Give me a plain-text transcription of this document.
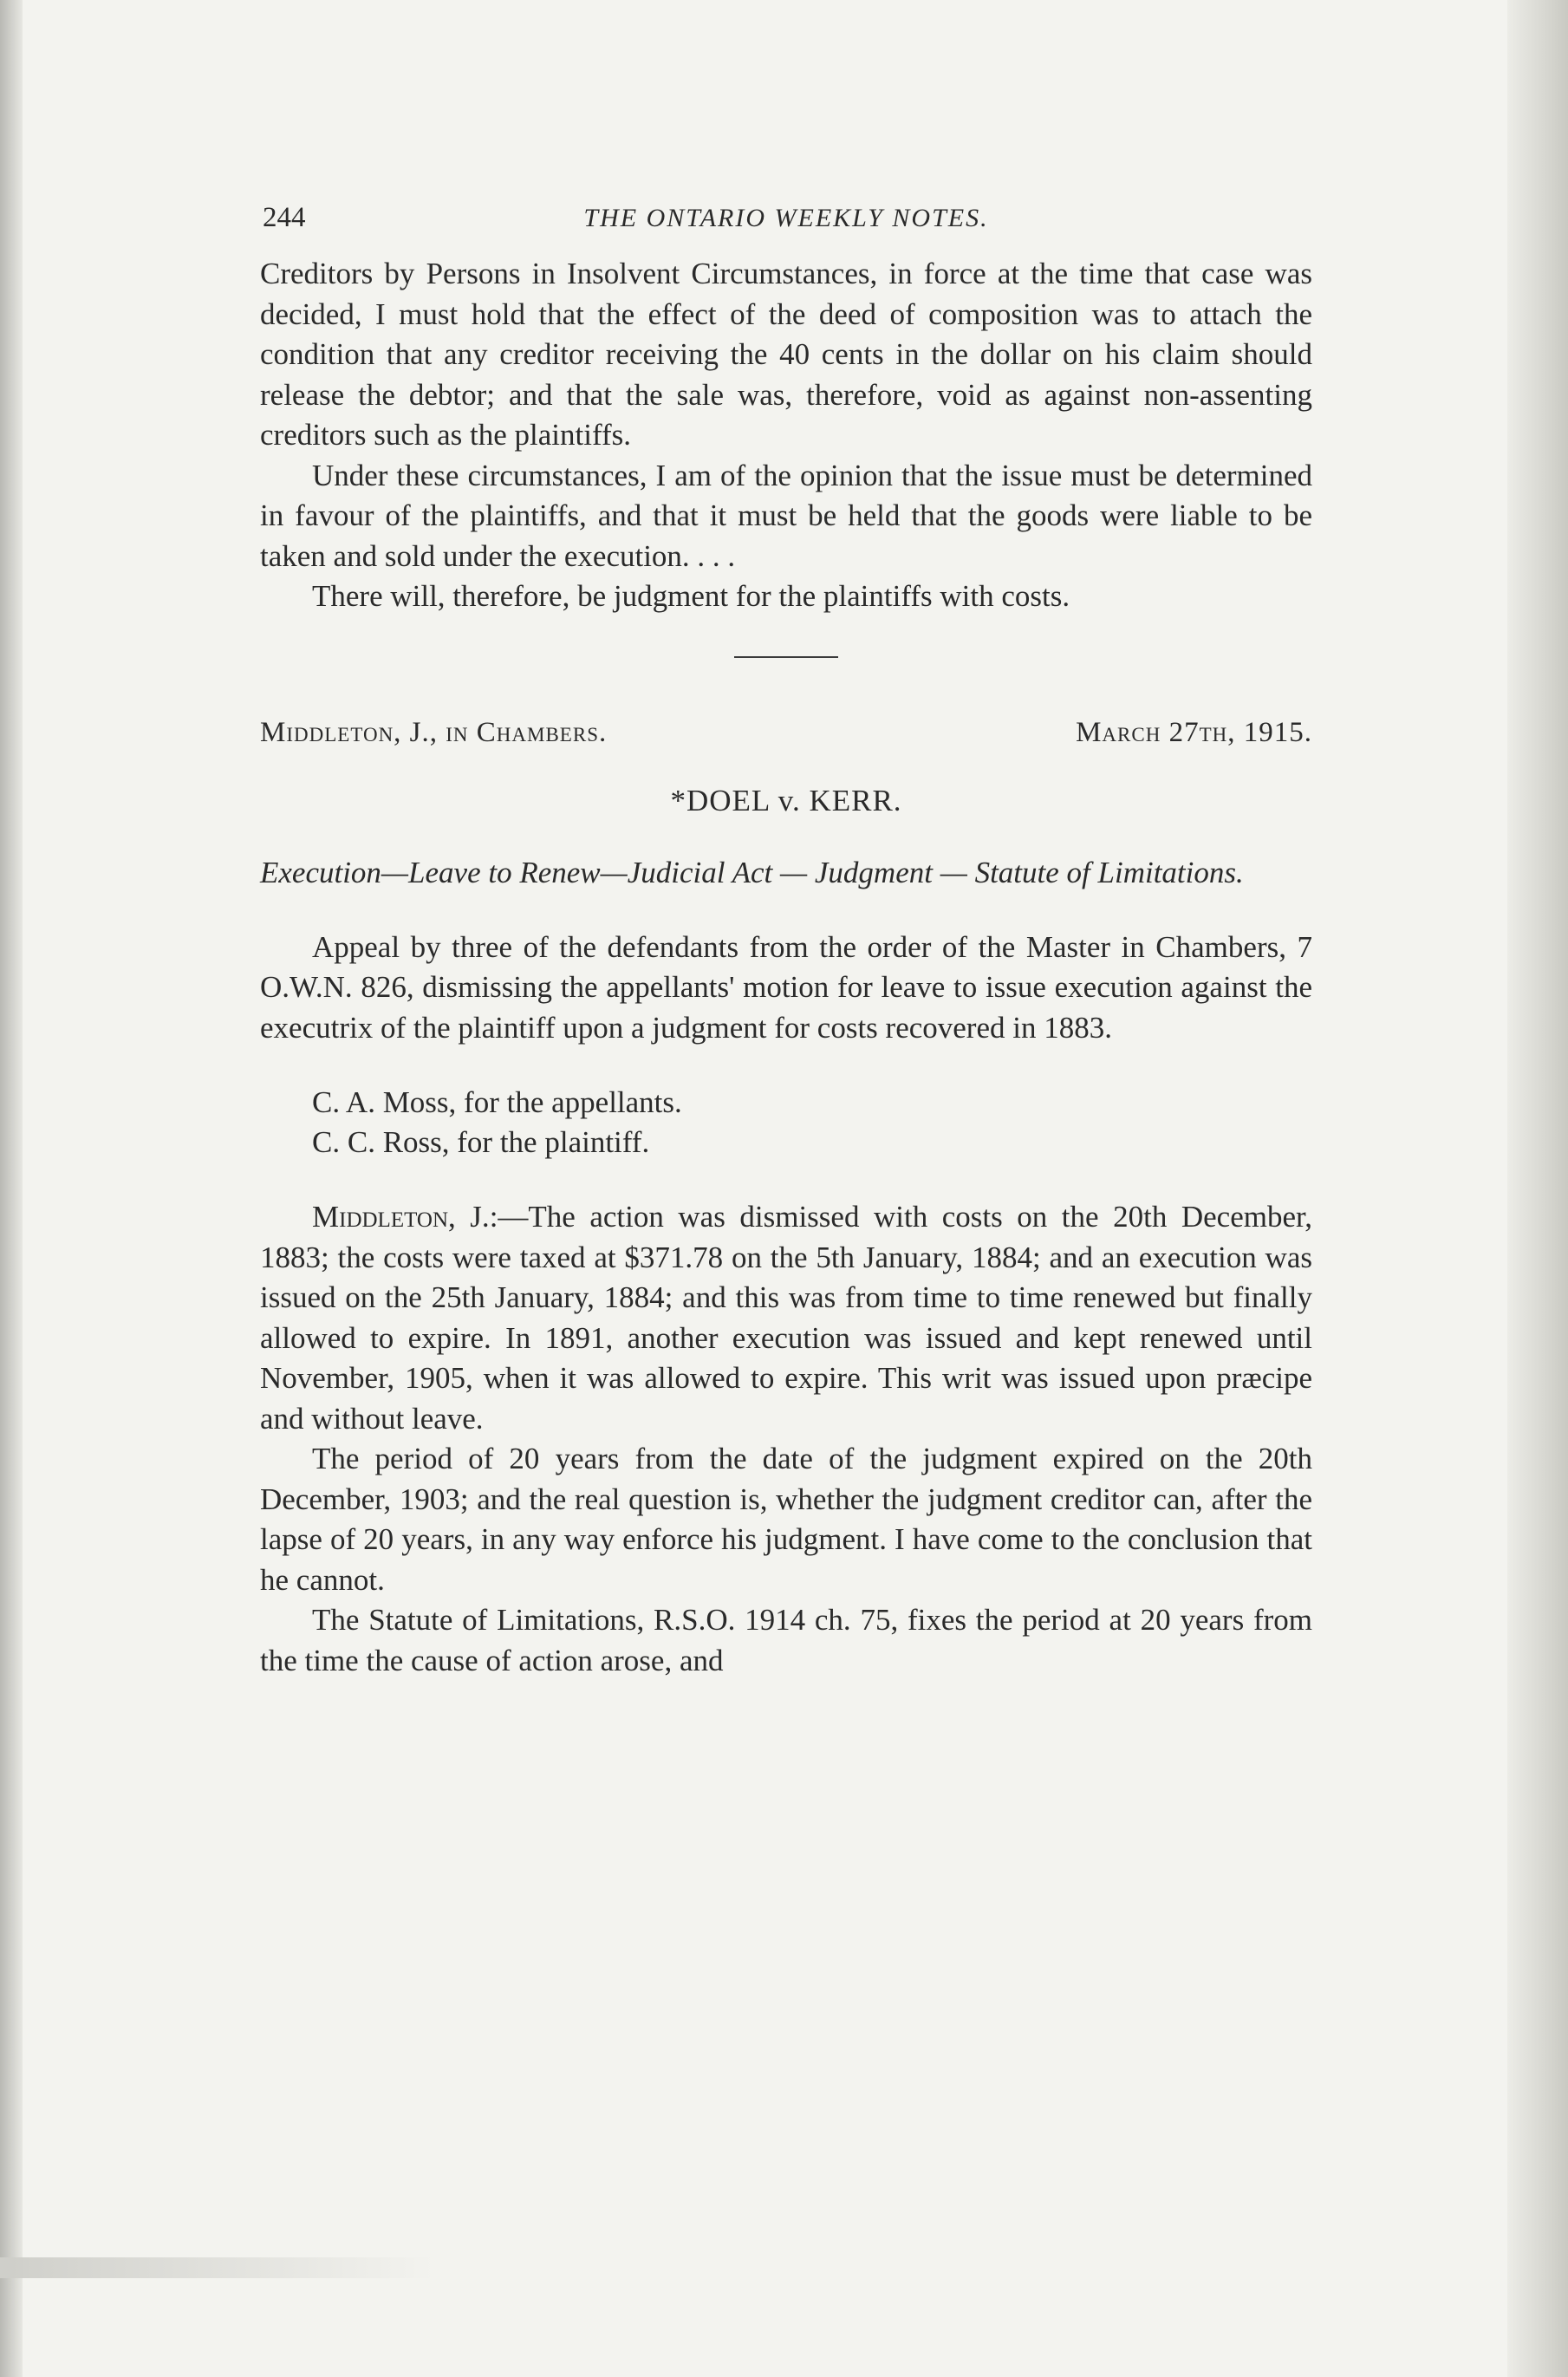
244	THE ONTARIO WEEKLY NOTES.

Creditors by Persons in Insolvent Circumstances, in force at the time that case was decided, I must hold that the effect of the deed of composition was to attach the condition that any creditor receiving the 40 cents in the dollar on his claim should release the debtor; and that the sale was, therefore, void as against non-assenting creditors such as the plaintiffs.

Under these circumstances, I am of the opinion that the issue must be determined in favour of the plaintiffs, and that it must be held that the goods were liable to be taken and sold under the execution. . . .

There will, therefore, be judgment for the plaintiffs with costs.

Middleton, J., in Chambers.	March 27th, 1915.
*DOEL v. KERR.
Execution—Leave to Renew—Judicial Act — Judgment — Statute of Limitations.

Appeal by three of the defendants from the order of the Master in Chambers, 7 O.W.N. 826, dismissing the appellants' motion for leave to issue execution against the executrix of the plaintiff upon a judgment for costs recovered in 1883.

C. A. Moss, for the appellants.
C. C. Ross, for the plaintiff.

Middleton, J.:—The action was dismissed with costs on the 20th December, 1883; the costs were taxed at $371.78 on the 5th January, 1884; and an execution was issued on the 25th January, 1884; and this was from time to time renewed but finally allowed to expire. In 1891, another execution was issued and kept renewed until November, 1905, when it was allowed to expire. This writ was issued upon præcipe and without leave.

The period of 20 years from the date of the judgment expired on the 20th December, 1903; and the real question is, whether the judgment creditor can, after the lapse of 20 years, in any way enforce his judgment. I have come to the conclusion that he cannot.

The Statute of Limitations, R.S.O. 1914 ch. 75, fixes the period at 20 years from the time the cause of action arose, and
